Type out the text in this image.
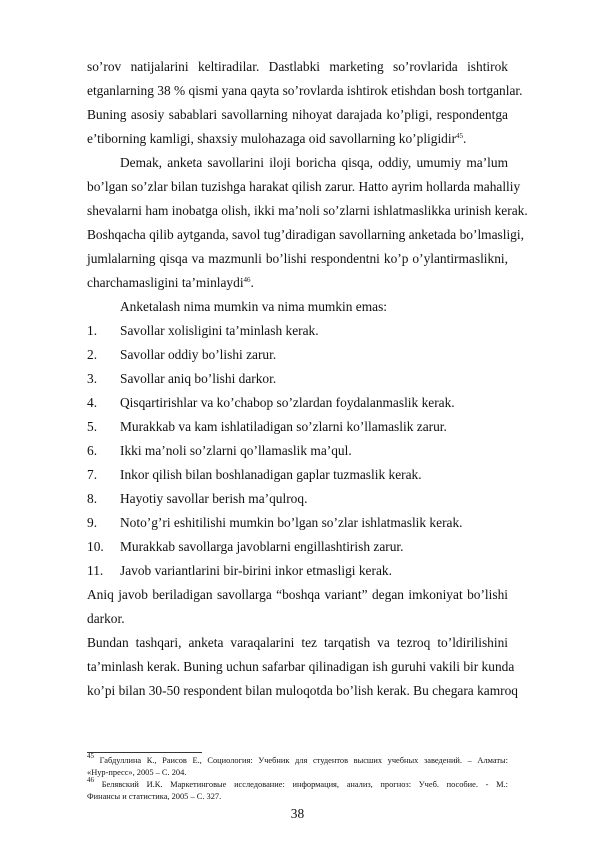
so’rov natijalarini keltiradilar. Dastlabki marketing so’rovlarida ishtirok
etganlarning 38 % qismi yana qayta so’rovlarda ishtirok etishdan bosh tortganlar.
Buning asosiy sabablari savollarning nihoyat darajada ko’pligi, respondentga
e’tiborning kamligi, shaxsiy mulohazaga oid savollarning ko’pligidir$^{45}$.
Demak, anketa savollarini iloji boricha qisqa, oddiy, umumiy ma’lum
bo’lgan so’zlar bilan tuzishga harakat qilish zarur. Hatto ayrim hollarda mahalliy
shevalarni ham inobatga olish, ikki ma’noli so’zlarni ishlatmaslikka urinish kerak.
Boshqacha qilib aytganda, savol tug’diradigan savollarning anketada bo’lmasligi,
jumlalarning qisqa va mazmunli bo’lishi respondentni ko’p o’ylantirmaslikni,
charchamasligini ta’minlaydi$^{46}$.
Anketalash nima mumkin va nima mumkin emas:
1. Savollar xolisligini ta’minlash kerak.
2. Savollar oddiy bo’lishi zarur.
3. Savollar aniq bo’lishi darkor.
4. Qisqartirishlar va ko’chabop so’zlardan foydalanmaslik kerak.
5. Murakkab va kam ishlatiladigan so’zlarni ko’llamaslik zarur.
6. Ikki ma’noli so’zlarni qo’llamaslik ma’qul.
7. Inkor qilish bilan boshlanadigan gaplar tuzmaslik kerak.
8. Hayotiy savollar berish ma’qulroq.
9. Noto’g’ri eshitilishi mumkin bo’lgan so’zlar ishlatmaslik kerak.
10. Murakkab savollarga javoblarni engillashtirish zarur.
11. Javob variantlarini bir-birini inkor etmasligi kerak.
Aniq javob beriladigan savollarga “boshqa variant” degan imkoniyat bo’lishi
darkor.
Bundan tashqari, anketa varaqalarini tez tarqatish va tezroq to’ldirilishini
ta’minlash kerak. Buning uchun safarbar qilinadigan ish guruhi vakili bir kunda
ko’pi bilan 30-50 respondent bilan muloqotda bo’lish kerak. Bu chegara kamroq
$^{45}$ Габдуллина К., Раисов Е., Социология: Учебник для студентов высших учебных заведений. – Алматы:
«Нур-пресс», 2005 – С. 204.
$^{46}$ Белявский И.К. Маркетинговые исследование: информация, анализ, прогноз: Учеб. пособие. - М.:
Финансы и статистика, 2005 – С. 327.
38
